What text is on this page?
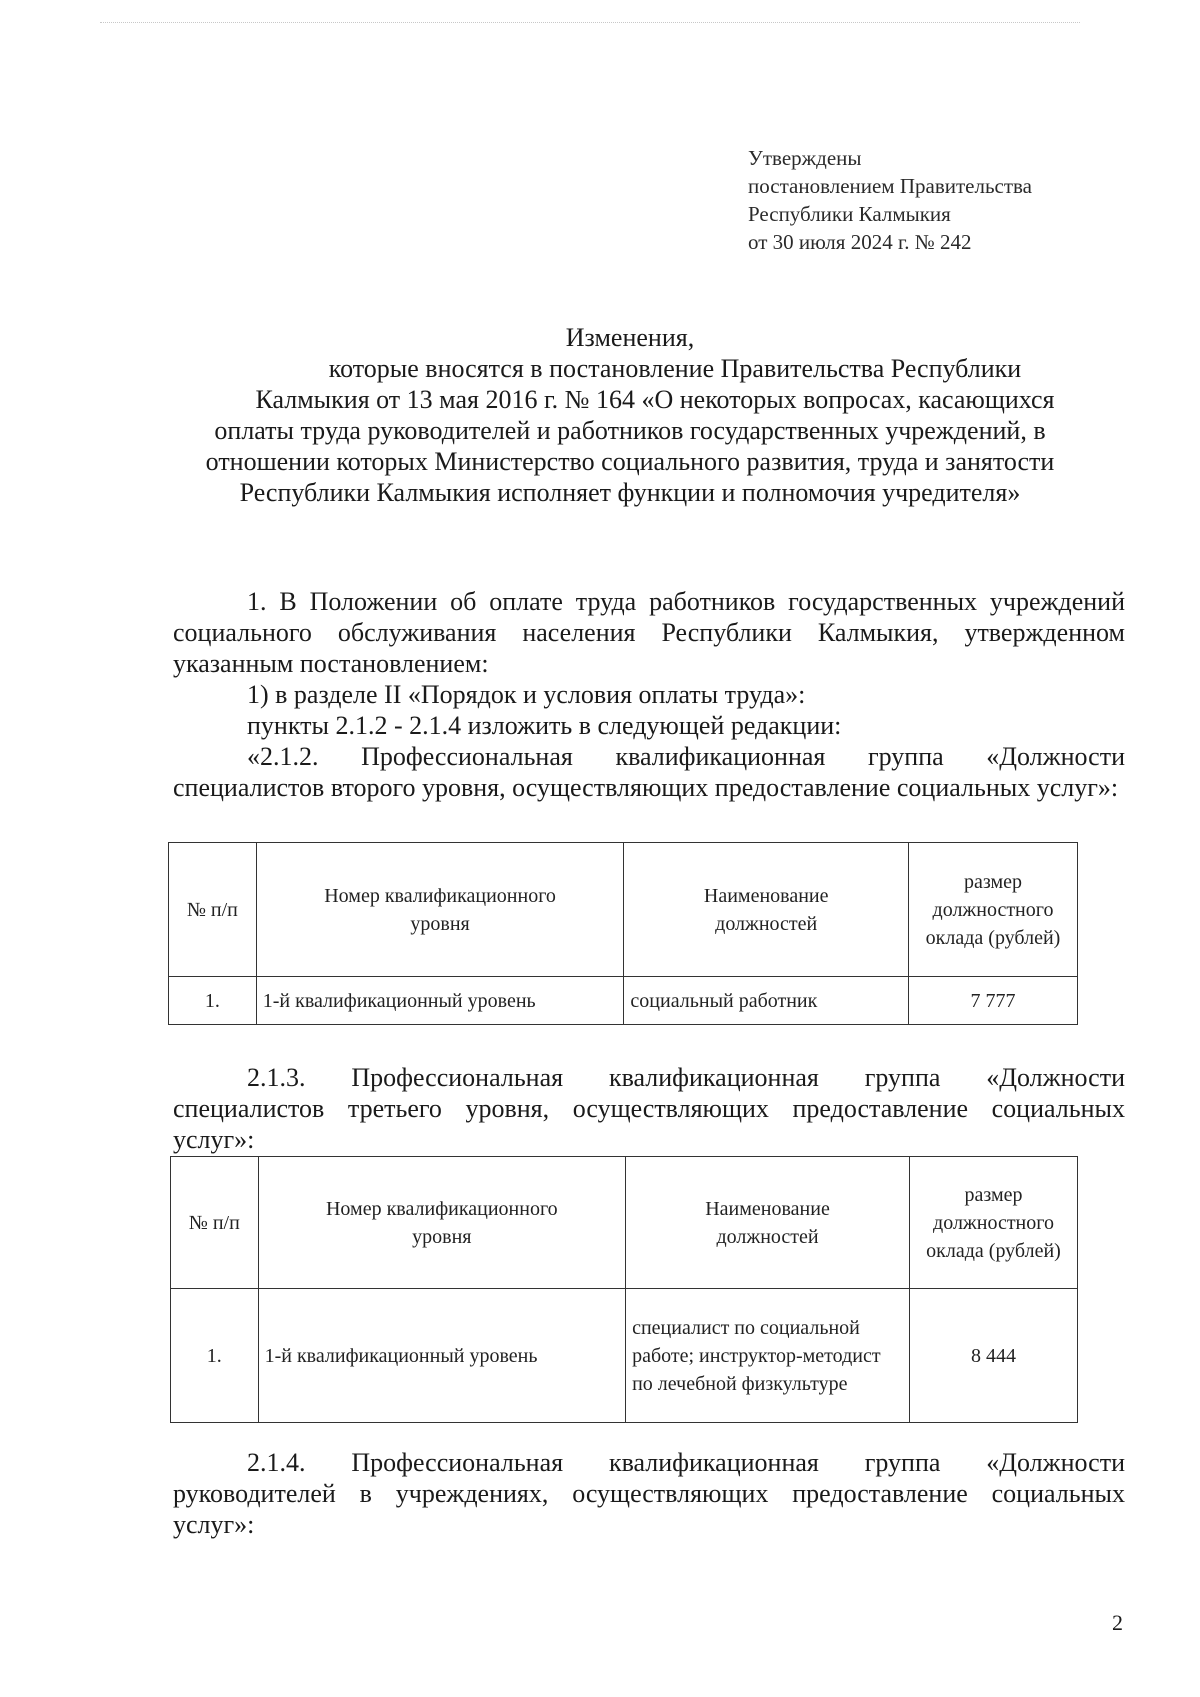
Утверждены
постановлением Правительства
Республики Калмыкия
от 30 июля 2024 г. № 242
Изменения,
которые вносятся в постановление Правительства Республики
Калмыкия от 13 мая 2016 г. № 164 «О некоторых вопросах, касающихся
оплаты труда руководителей и работников государственных учреждений, в
отношении которых Министерство социального развития, труда и занятости
Республики Калмыкия исполняет функции и полномочия учредителя»

1. В Положении об оплате труда работников государственных учреждений социального обслуживания населения Республики Калмыкия, утвержденном указанным постановлением:

1) в разделе II «Порядок и условия оплаты труда»:

пункты 2.1.2 - 2.1.4 изложить в следующей редакции:

«2.1.2. Профессиональная квалификационная группа «Должности специалистов второго уровня, осуществляющих предоставление социальных услуг»:

№ п/п	Номер квалификационного уровня	Наименование должностей	размер должностного оклада (рублей)

1.	1-й квалификационный уровень	социальный работник	7 777

2.1.3. Профессиональная квалификационная группа «Должности специалистов третьего уровня, осуществляющих предоставление социальных услуг»:

№ п/п	Номер квалификационного уровня	Наименование должностей	размер должностного оклада (рублей)

1.	1-й квалификационный уровень	специалист по социальной работе; инструктор-методист по лечебной физкультуре	8 444

2.1.4. Профессиональная квалификационная группа «Должности руководителей в учреждениях, осуществляющих предоставление социальных услуг»:

2
